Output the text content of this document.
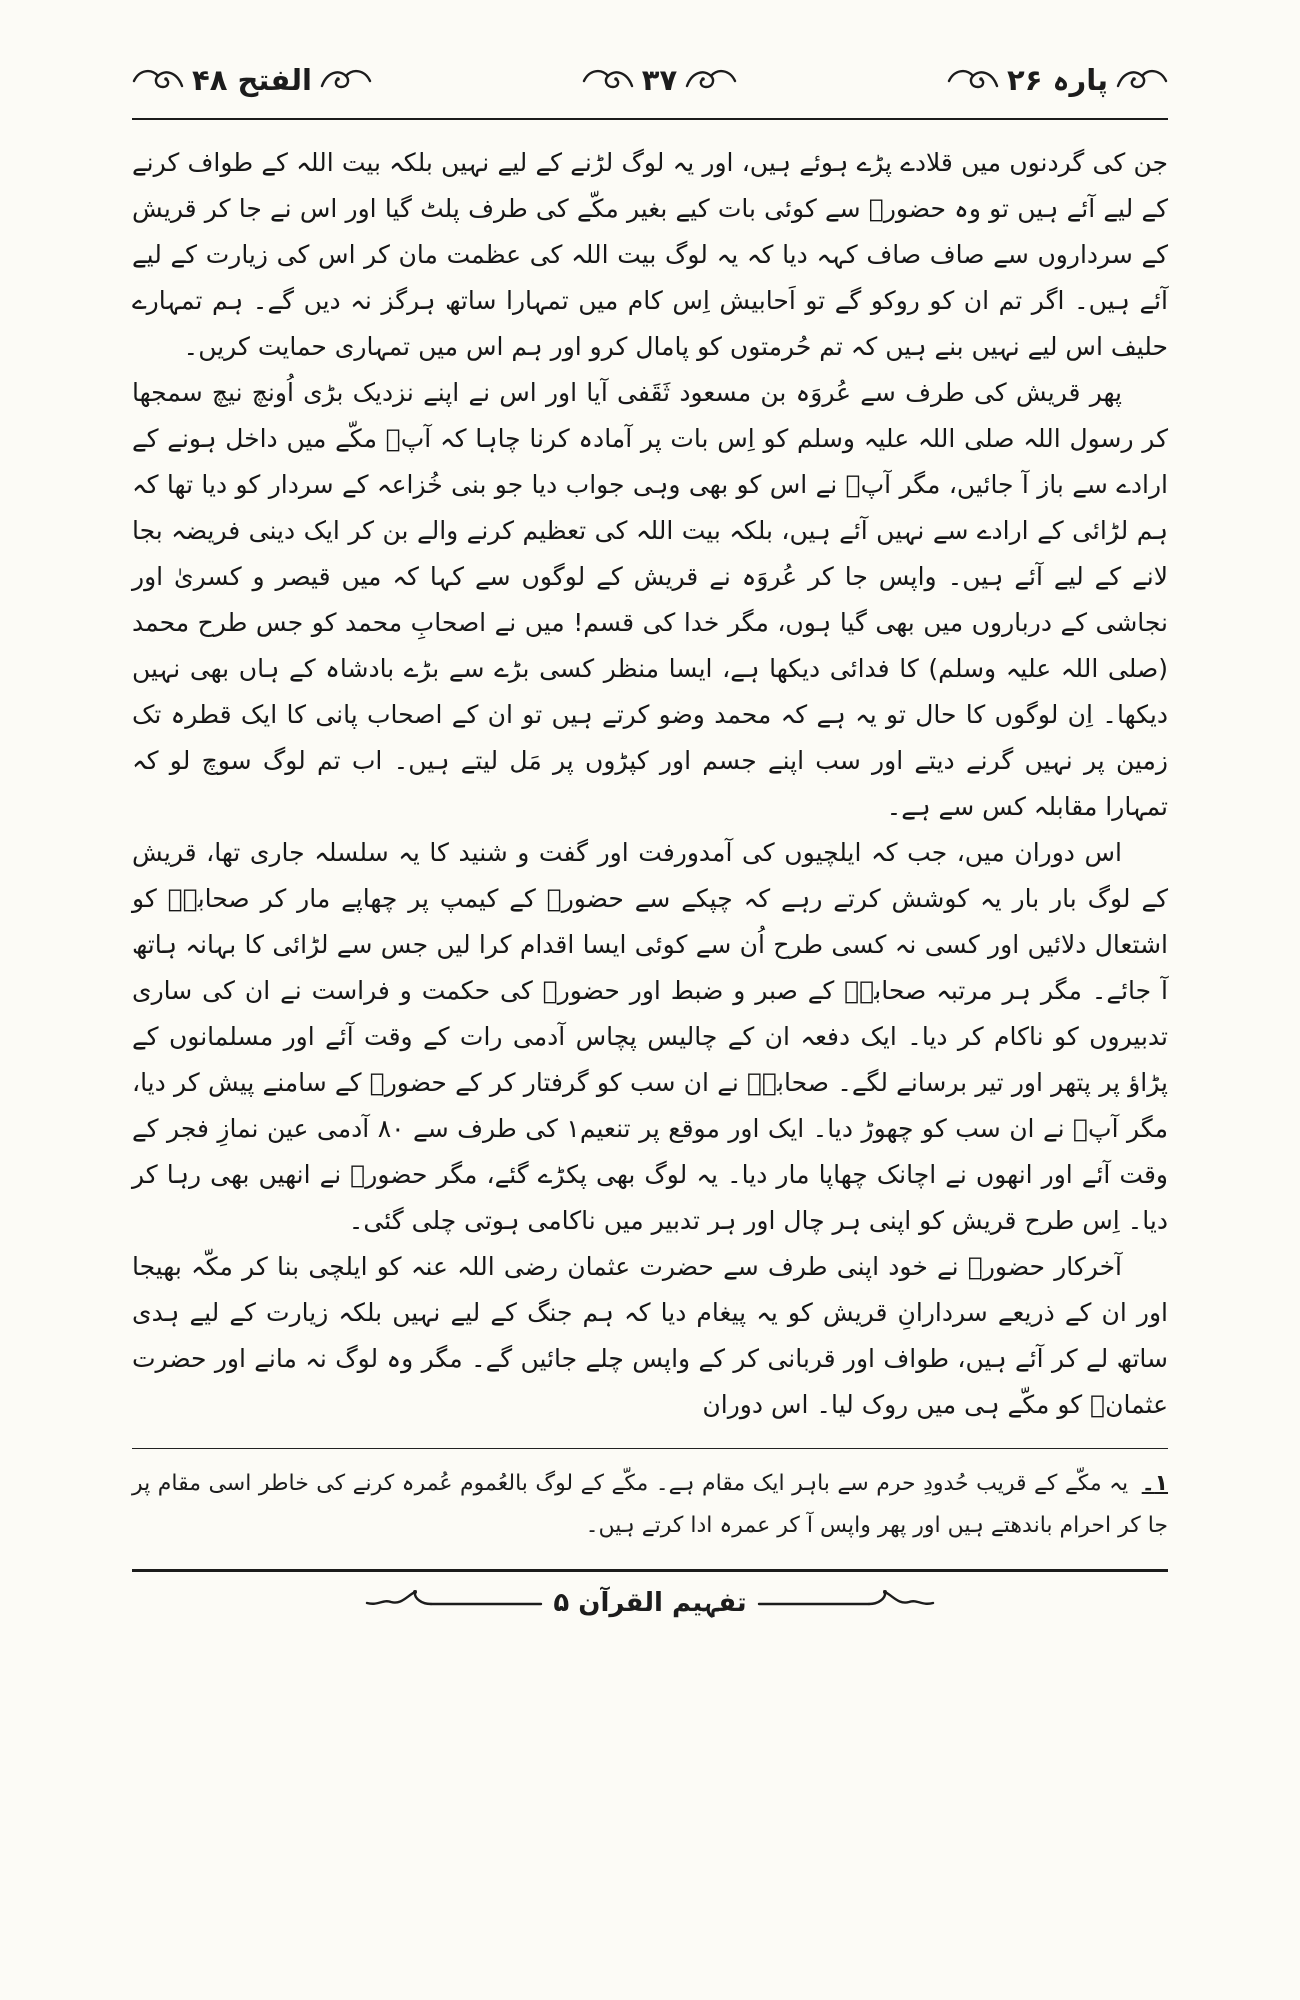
پارہ ۲۶
۳۷
الفتح ۴۸

جن کی گردنوں میں قلادے پڑے ہوئے ہیں، اور یہ لوگ لڑنے کے لیے نہیں بلکہ بیت اللہ کے طواف کرنے کے لیے آئے ہیں تو وہ حضورؐ سے کوئی بات کیے بغیر مکّے کی طرف پلٹ گیا اور اس نے جا کر قریش کے سرداروں سے صاف صاف کہہ دیا کہ یہ لوگ بیت اللہ کی عظمت مان کر اس کی زیارت کے لیے آئے ہیں۔ اگر تم ان کو روکو گے تو اَحابیش اِس کام میں تمہارا ساتھ ہرگز نہ دیں گے۔ ہم تمہارے حلیف اس لیے نہیں بنے ہیں کہ تم حُرمتوں کو پامال کرو اور ہم اس میں تمہاری حمایت کریں۔

پھر قریش کی طرف سے عُروَہ بن مسعود ثَقَفی آیا اور اس نے اپنے نزدیک بڑی اُونچ نیچ سمجھا کر رسول اللہ صلی اللہ علیہ وسلم کو اِس بات پر آمادہ کرنا چاہا کہ آپؐ مکّے میں داخل ہونے کے ارادے سے باز آ جائیں، مگر آپؐ نے اس کو بھی وہی جواب دیا جو بنی خُزاعہ کے سردار کو دیا تھا کہ ہم لڑائی کے ارادے سے نہیں آئے ہیں، بلکہ بیت اللہ کی تعظیم کرنے والے بن کر ایک دینی فریضہ بجا لانے کے لیے آئے ہیں۔ واپس جا کر عُروَہ نے قریش کے لوگوں سے کہا کہ میں قیصر و کسریٰ اور نجاشی کے درباروں میں بھی گیا ہوں، مگر خدا کی قسم! میں نے اصحابِ محمد کو جس طرح محمد (صلی اللہ علیہ وسلم) کا فدائی دیکھا ہے، ایسا منظر کسی بڑے سے بڑے بادشاہ کے ہاں بھی نہیں دیکھا۔ اِن لوگوں کا حال تو یہ ہے کہ محمد وضو کرتے ہیں تو ان کے اصحاب پانی کا ایک قطرہ تک زمین پر نہیں گرنے دیتے اور سب اپنے جسم اور کپڑوں پر مَل لیتے ہیں۔ اب تم لوگ سوچ لو کہ تمہارا مقابلہ کس سے ہے۔

اس دوران میں، جب کہ ایلچیوں کی آمدورفت اور گفت و شنید کا یہ سلسلہ جاری تھا، قریش کے لوگ بار بار یہ کوشش کرتے رہے کہ چپکے سے حضورؐ کے کیمپ پر چھاپے مار کر صحابہؓ کو اشتعال دلائیں اور کسی نہ کسی طرح اُن سے کوئی ایسا اقدام کرا لیں جس سے لڑائی کا بہانہ ہاتھ آ جائے۔ مگر ہر مرتبہ صحابہؓ کے صبر و ضبط اور حضورؐ کی حکمت و فراست نے ان کی ساری تدبیروں کو ناکام کر دیا۔ ایک دفعہ ان کے چالیس پچاس آدمی رات کے وقت آئے اور مسلمانوں کے پڑاؤ پر پتھر اور تیر برسانے لگے۔ صحابہؓ نے ان سب کو گرفتار کر کے حضورؐ کے سامنے پیش کر دیا، مگر آپؐ نے ان سب کو چھوڑ دیا۔ ایک اور موقع پر تنعیم۱ کی طرف سے ۸۰ آدمی عین نمازِ فجر کے وقت آئے اور انھوں نے اچانک چھاپا مار دیا۔ یہ لوگ بھی پکڑے گئے، مگر حضورؐ نے انھیں بھی رہا کر دیا۔ اِس طرح قریش کو اپنی ہر چال اور ہر تدبیر میں ناکامی ہوتی چلی گئی۔

آخرکار حضورؐ نے خود اپنی طرف سے حضرت عثمان رضی اللہ عنہ کو ایلچی بنا کر مکّہ بھیجا اور ان کے ذریعے سردارانِ قریش کو یہ پیغام دیا کہ ہم جنگ کے لیے نہیں بلکہ زیارت کے لیے ہدی ساتھ لے کر آئے ہیں، طواف اور قربانی کر کے واپس چلے جائیں گے۔ مگر وہ لوگ نہ مانے اور حضرت عثمانؓ کو مکّے ہی میں روک لیا۔ اس دوران

۱۔ یہ مکّے کے قریب حُدودِ حرم سے باہر ایک مقام ہے۔ مکّے کے لوگ بالعُموم عُمرہ کرنے کی خاطر اسی مقام پر جا کر احرام باندھتے ہیں اور پھر واپس آ کر عمرہ ادا کرتے ہیں۔

تفہیم القرآن ۵
